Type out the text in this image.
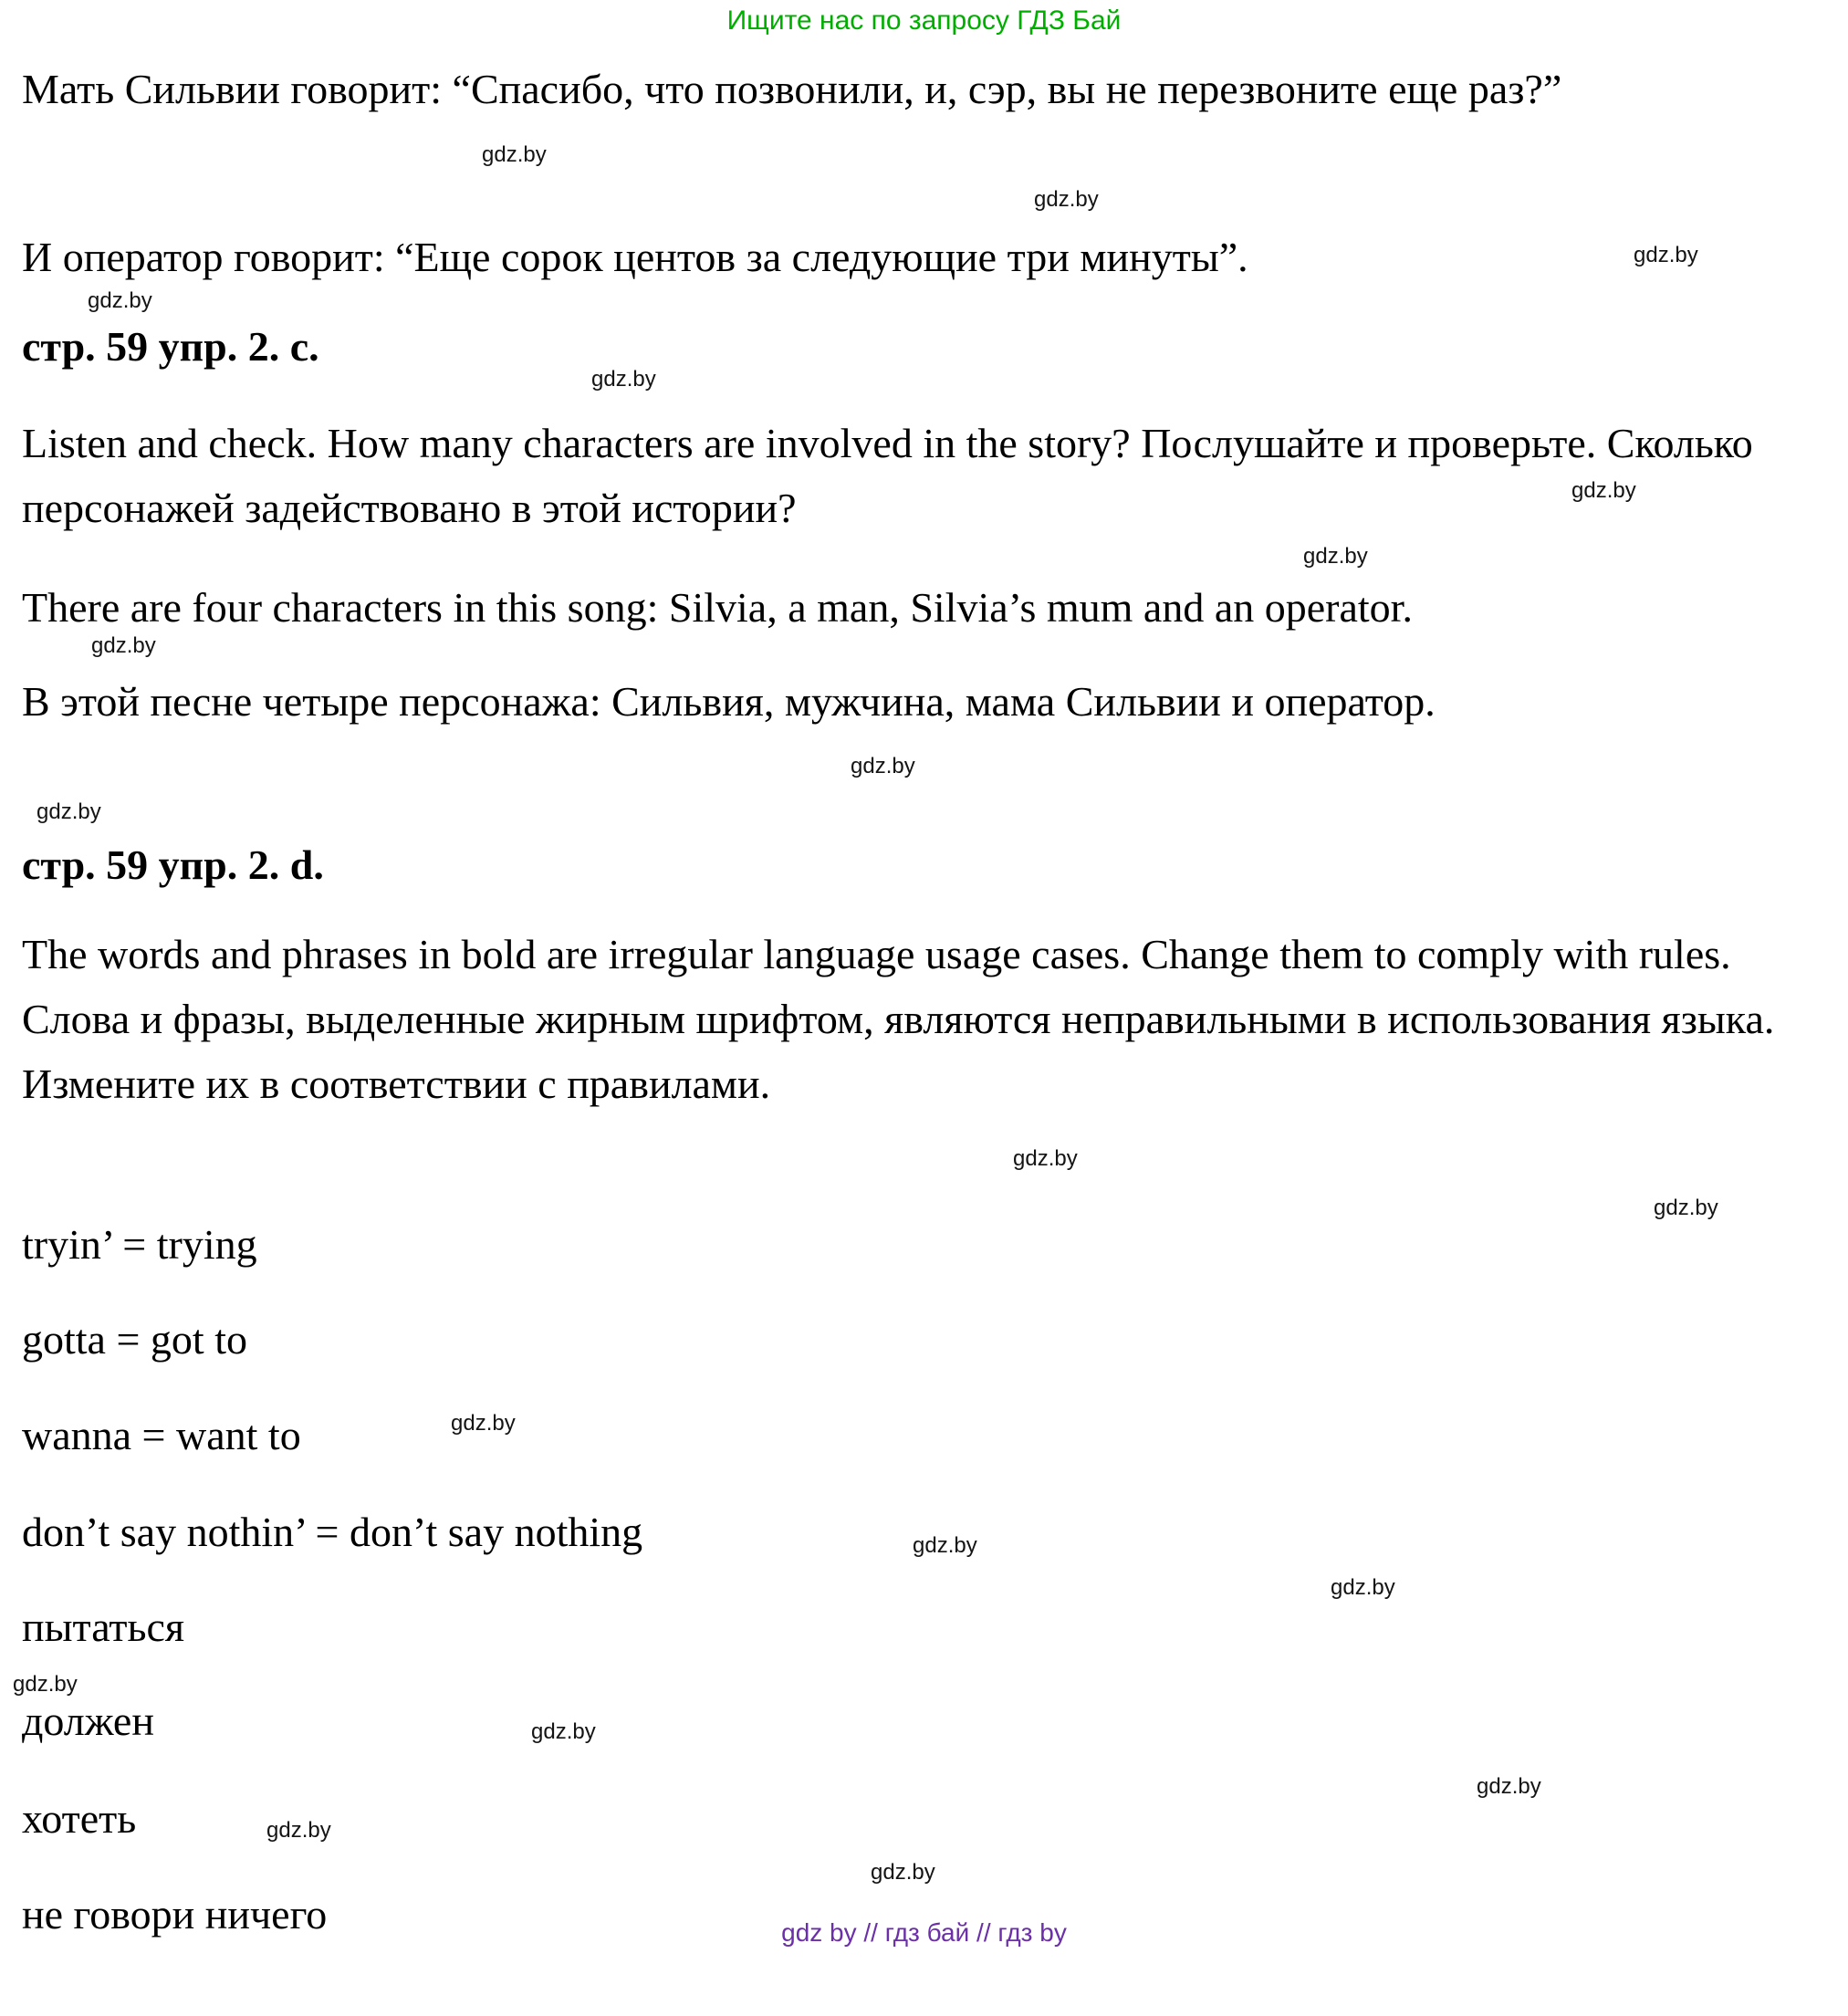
Ищите нас по запросу ГДЗ Бай

Мать Сильвии говорит: “Спасибо, что позвонили, и, сэр, вы не перезвоните еще раз?”

И оператор говорит: “Еще сорок центов за следующие три минуты”.

стр. 59 упр. 2. с.

Listen and check. How many characters are involved in the story? Послушайте и проверьте. Сколько персонажей задействовано в этой истории?

There are four characters in this song: Silvia, a man, Silvia’s mum and an operator.

В этой песне четыре персонажа: Сильвия, мужчина, мама Сильвии и оператор.

стр. 59 упр. 2. d.

The words and phrases in bold are irregular language usage cases. Change them to comply with rules. Слова и фразы, выделенные жирным шрифтом, являются неправильными в использования языка. Измените их в соответствии с правилами.

tryin’ = trying

gotta = got to

wanna = want to

don’t say nothin’ = don’t say nothing

пытаться

должен

хотеть

не говори ничего

gdz.by
gdz.by
gdz.by
gdz.by
gdz.by
gdz.by
gdz.by
gdz.by
gdz.by
gdz.by
gdz.by
gdz.by
gdz.by
gdz.by
gdz.by
gdz.by
gdz.by
gdz.by
gdz.by
gdz.by
gdz by // гдз бай // гдз by
